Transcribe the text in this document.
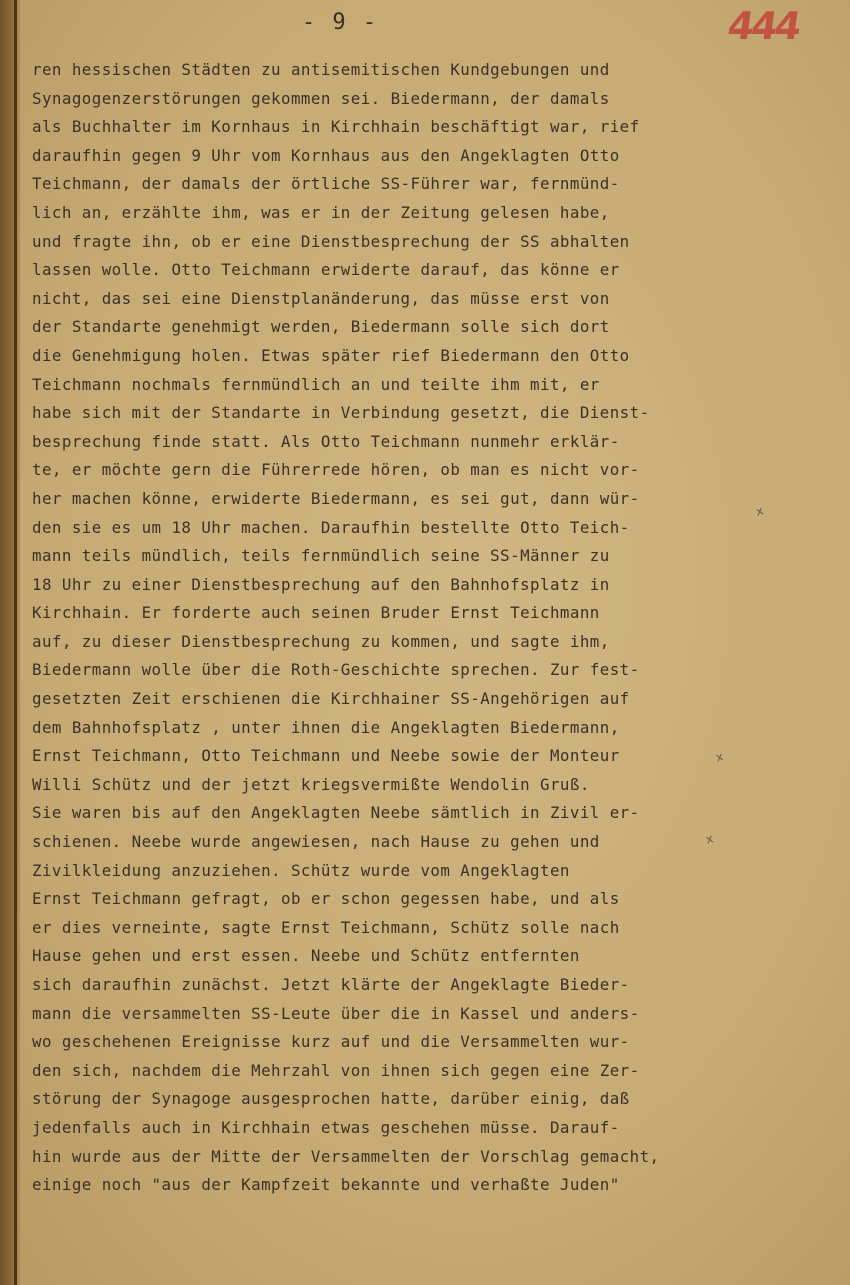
- 9 -	444
ren hessischen Städten zu antisemitischen Kundgebungen und
Synagogenzerstörungen gekommen sei. Biedermann, der damals
als Buchhalter im Kornhaus in Kirchhain beschäftigt war, rief
daraufhin gegen 9 Uhr vom Kornhaus aus den Angeklagten Otto
Teichmann, der damals der örtliche SS-Führer war, fernmünd-
lich an, erzählte ihm, was er in der Zeitung gelesen habe,
und fragte ihn, ob er eine Dienstbesprechung der SS abhalten
lassen wolle. Otto Teichmann erwiderte darauf, das könne er
nicht, das sei eine Dienstplanänderung, das müsse erst von
der Standarte genehmigt werden, Biedermann solle sich dort
die Genehmigung holen. Etwas später rief Biedermann den Otto
Teichmann nochmals fernmündlich an und teilte ihm mit, er
habe sich mit der Standarte in Verbindung gesetzt, die Dienst-
besprechung finde statt. Als Otto Teichmann nunmehr erklär-
te, er möchte gern die Führerrede hören, ob man es nicht vor-
her machen könne, erwiderte Biedermann, es sei gut, dann wür-
den sie es um 18 Uhr machen. Daraufhin bestellte Otto Teich-
mann teils mündlich, teils fernmündlich seine SS-Männer zu
18 Uhr zu einer Dienstbesprechung auf den Bahnhofsplatz in
Kirchhain. Er forderte auch seinen Bruder Ernst Teichmann
auf, zu dieser Dienstbesprechung zu kommen, und sagte ihm,
Biedermann wolle über die Roth-Geschichte sprechen. Zur fest-
gesetzten Zeit erschienen die Kirchhainer SS-Angehörigen auf
dem Bahnhofsplatz , unter ihnen die Angeklagten Biedermann,
Ernst Teichmann, Otto Teichmann und Neebe sowie der Monteur
Willi Schütz und der jetzt kriegsvermißte Wendolin Gruß.
Sie waren bis auf den Angeklagten Neebe sämtlich in Zivil er-
schienen. Neebe wurde angewiesen, nach Hause zu gehen und
Zivilkleidung anzuziehen. Schütz wurde vom Angeklagten
Ernst Teichmann gefragt, ob er schon gegessen habe, und als
er dies verneinte, sagte Ernst Teichmann, Schütz solle nach
Hause gehen und erst essen. Neebe und Schütz entfernten
sich daraufhin zunächst. Jetzt klärte der Angeklagte Bieder-
mann die versammelten SS-Leute über die in Kassel und anders-
wo geschehenen Ereignisse kurz auf und die Versammelten wur-
den sich, nachdem die Mehrzahl von ihnen sich gegen eine Zer-
störung der Synagoge ausgesprochen hatte, darüber einig, daß
jedenfalls auch in Kirchhain etwas geschehen müsse. Darauf-
hin wurde aus der Mitte der Versammelten der Vorschlag gemacht,
einige noch "aus der Kampfzeit bekannte und verhaßte Juden"
x
x
x
